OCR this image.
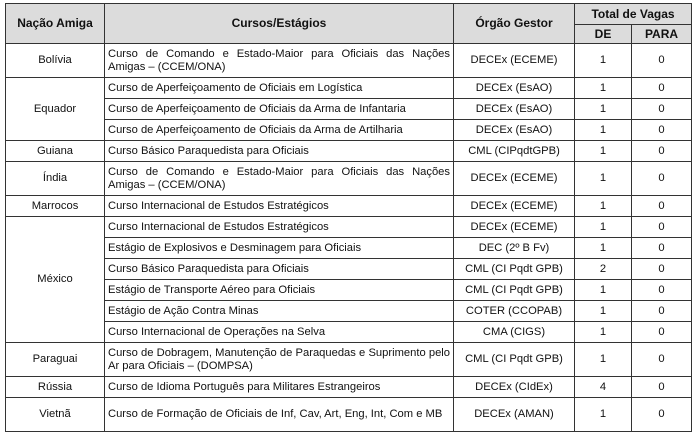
Nação Amiga	Cursos/Estágios	Órgão Gestor	Total de Vagas	
			DE	PARA
Bolívia	Curso de Comando e Estado-Maior para Oficiais das Nações Amigas – (CCEM/ONA)	DECEx (ECEME)	1	0
Equador	Curso de Aperfeiçoamento de Oficiais em Logística	DECEx (EsAO)	1	0
	Curso de Aperfeiçoamento de Oficiais da Arma de Infantaria	DECEx (EsAO)	1	0
	Curso de Aperfeiçoamento de Oficiais da Arma de Artilharia	DECEx (EsAO)	1	0
Guiana	Curso Básico Paraquedista para Oficiais	CML (CIPqdtGPB)	1	0
Índia	Curso de Comando e Estado-Maior para Oficiais das Nações Amigas – (CCEM/ONA)	DECEx (ECEME)	1	0
Marrocos	Curso Internacional de Estudos Estratégicos	DECEx (ECEME)	1	0
México	Curso Internacional de Estudos Estratégicos	DECEx (ECEME)	1	0
	Estágio de Explosivos e Desminagem para Oficiais	DEC (2º B Fv)	1	0
	Curso Básico Paraquedista para Oficiais	CML (CI Pqdt GPB)	2	0
	Estágio de Transporte Aéreo para Oficiais	CML (CI Pqdt GPB)	1	0
	Estágio de Ação Contra Minas	COTER (CCOPAB)	1	0
	Curso Internacional de Operações na Selva	CMA (CIGS)	1	0
Paraguai	Curso de Dobragem, Manutenção de Paraquedas e Suprimento pelo Ar para Oficiais – (DOMPSA)	CML (CI Pqdt GPB)	1	0
Rússia	Curso de Idioma Português para Militares Estrangeiros	DECEx (CIdEx)	4	0
Vietnã	Curso de Formação de Oficiais de Inf, Cav, Art, Eng, Int, Com e MB	DECEx (AMAN)	1	0
